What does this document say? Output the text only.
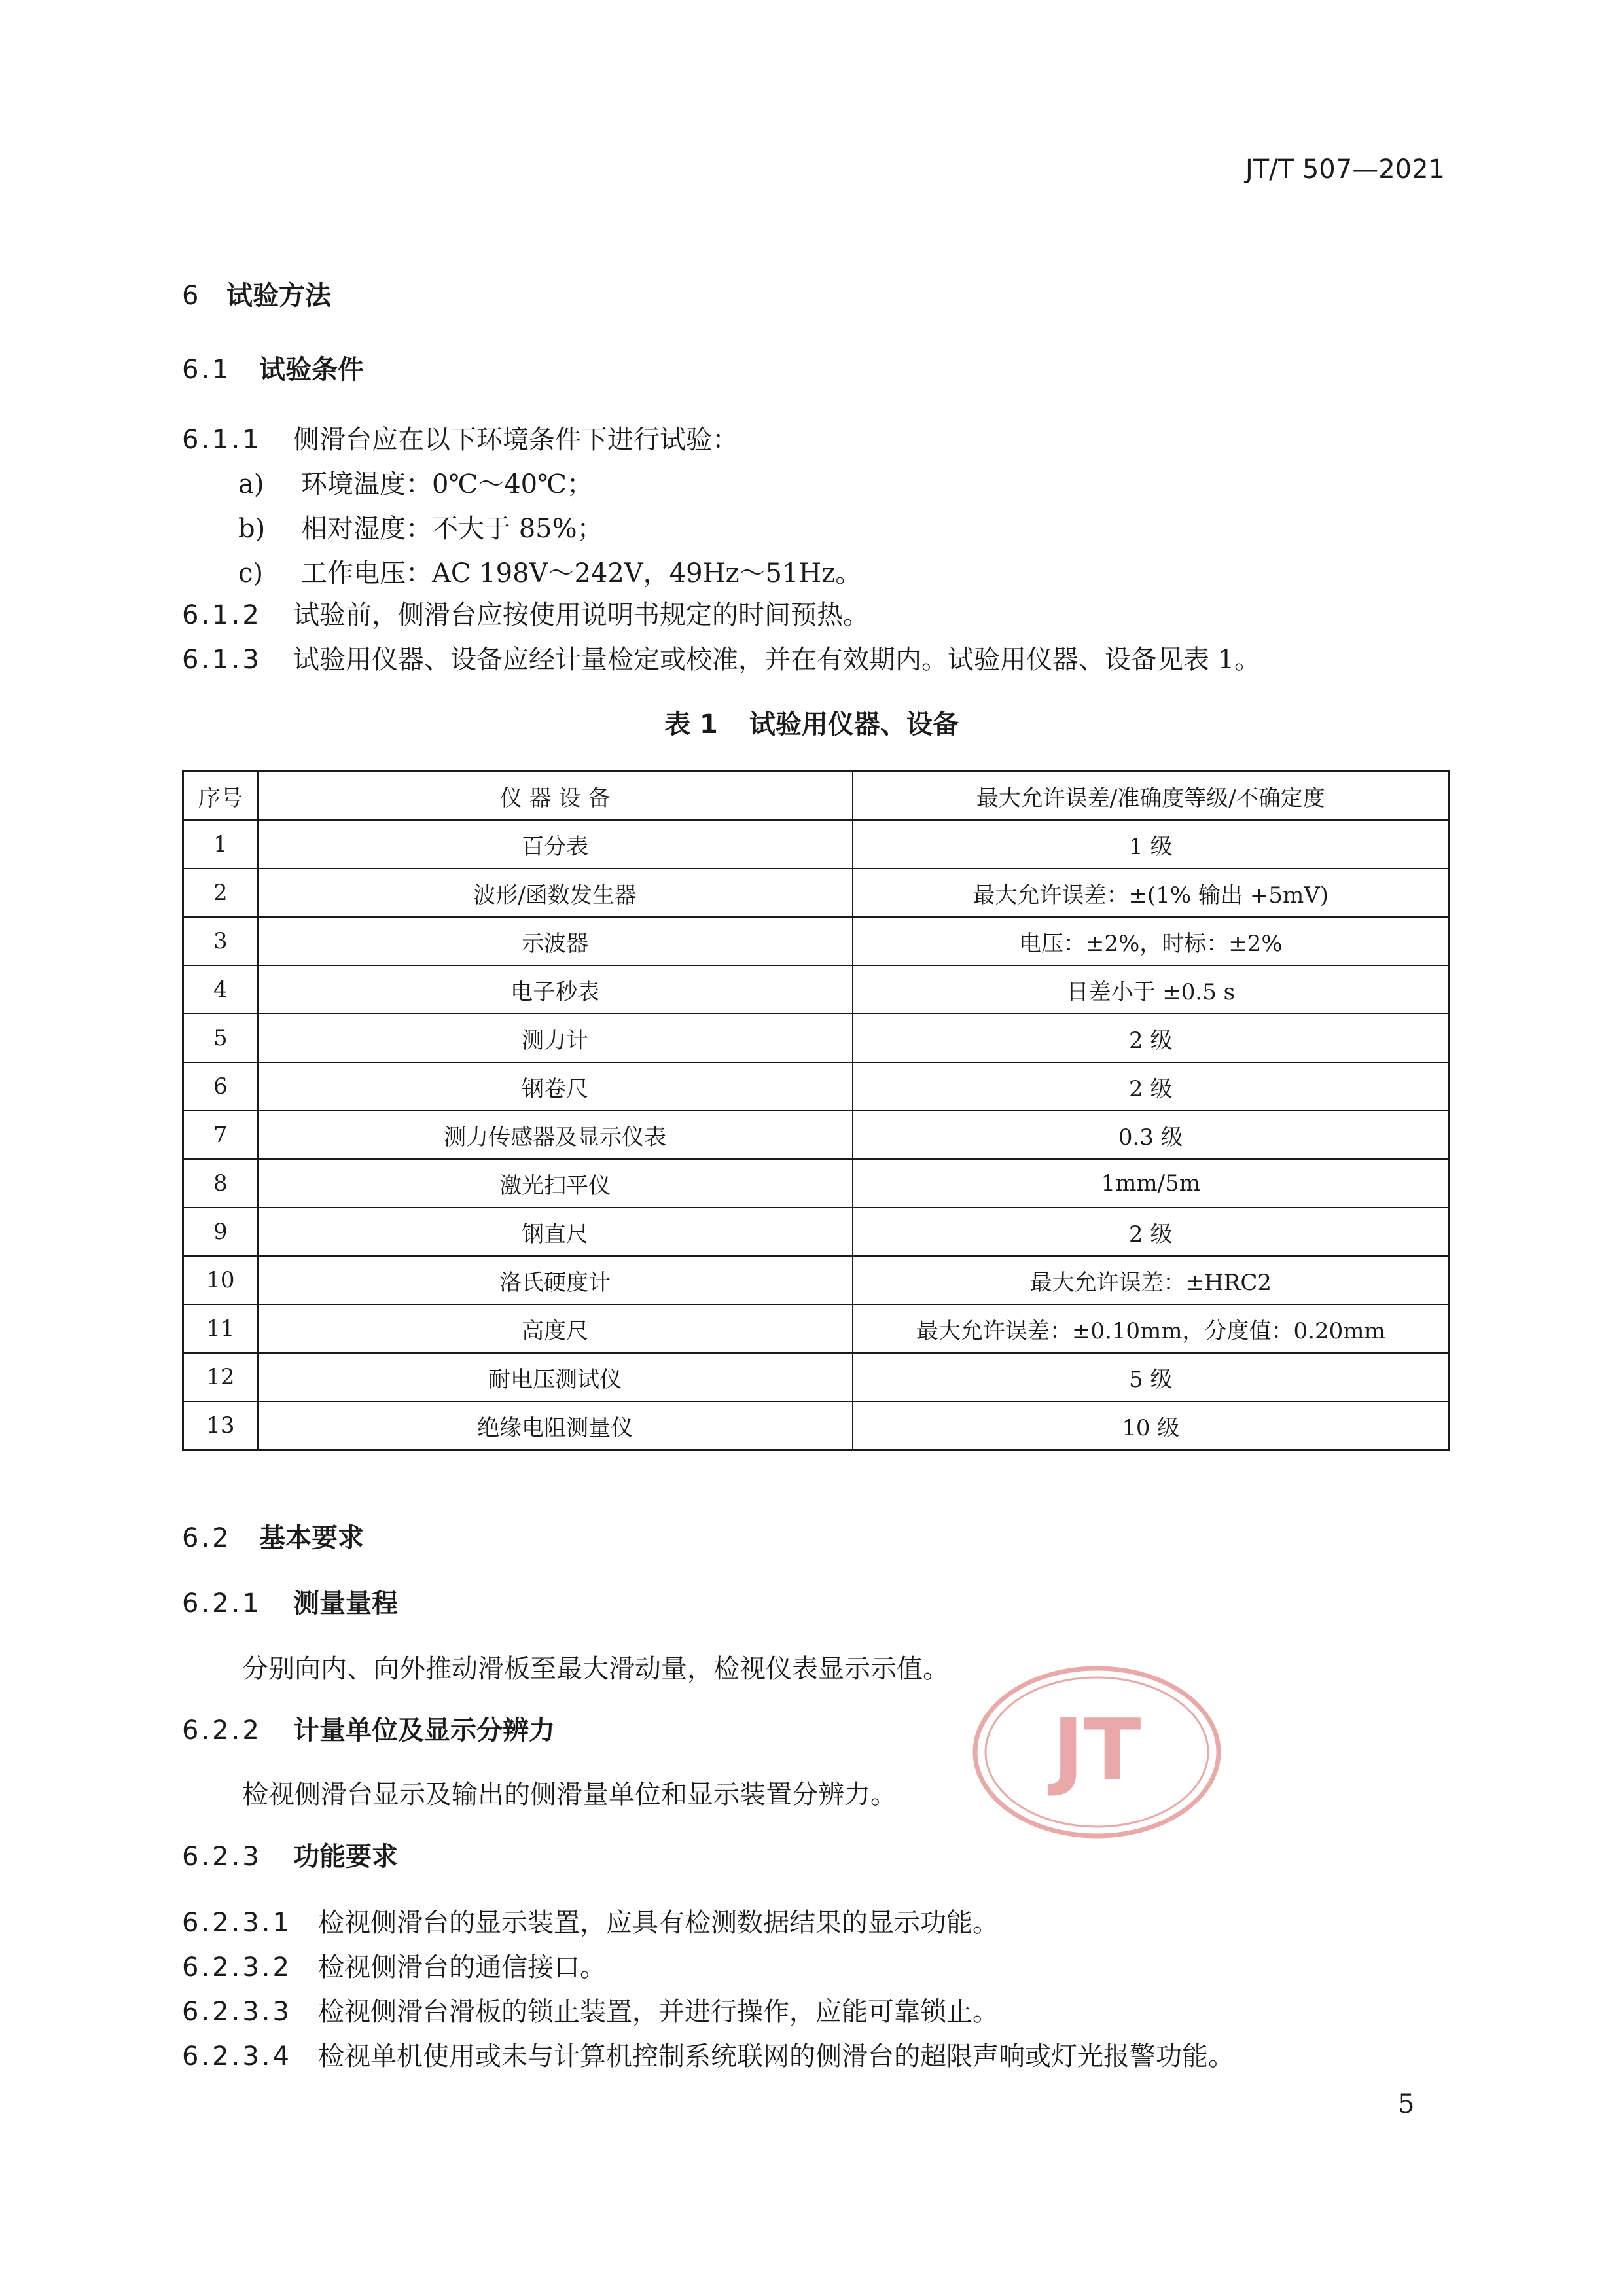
JT/T 507—2021
6 试验方法
6.1 试验条件
6.1.1 侧滑台应在以下环境条件下进行试验：
a) 环境温度：0℃～40℃；
b) 相对湿度：不大于 85%；
c) 工作电压：AC 198V～242V，49Hz～51Hz。
6.1.2 试验前，侧滑台应按使用说明书规定的时间预热。
6.1.3 试验用仪器、设备应经计量检定或校准，并在有效期内。试验用仪器、设备见表 1。
表 1 试验用仪器、设备
序号	仪 器 设 备	最大允许误差/准确度等级/不确定度
1	百分表	1 级
2	波形/函数发生器	最大允许误差：±(1% 输出 +5mV)
3	示波器	电压：±2%，时标：±2%
4	电子秒表	日差小于 ±0.5 s
5	测力计	2 级
6	钢卷尺	2 级
7	测力传感器及显示仪表	0.3 级
8	激光扫平仪	1mm/5m
9	钢直尺	2 级
10	洛氏硬度计	最大允许误差：±HRC2
11	高度尺	最大允许误差：±0.10mm，分度值：0.20mm
12	耐电压测试仪	5 级
13	绝缘电阻测量仪	10 级
6.2 基本要求
6.2.1 测量量程
分别向内、向外推动滑板至最大滑动量，检视仪表显示示值。
6.2.2 计量单位及显示分辨力
检视侧滑台显示及输出的侧滑量单位和显示装置分辨力。
6.2.3 功能要求
6.2.3.1 检视侧滑台的显示装置，应具有检测数据结果的显示功能。
6.2.3.2 检视侧滑台的通信接口。
6.2.3.3 检视侧滑台滑板的锁止装置，并进行操作，应能可靠锁止。
6.2.3.4 检视单机使用或未与计算机控制系统联网的侧滑台的超限声响或灯光报警功能。
JT
5
